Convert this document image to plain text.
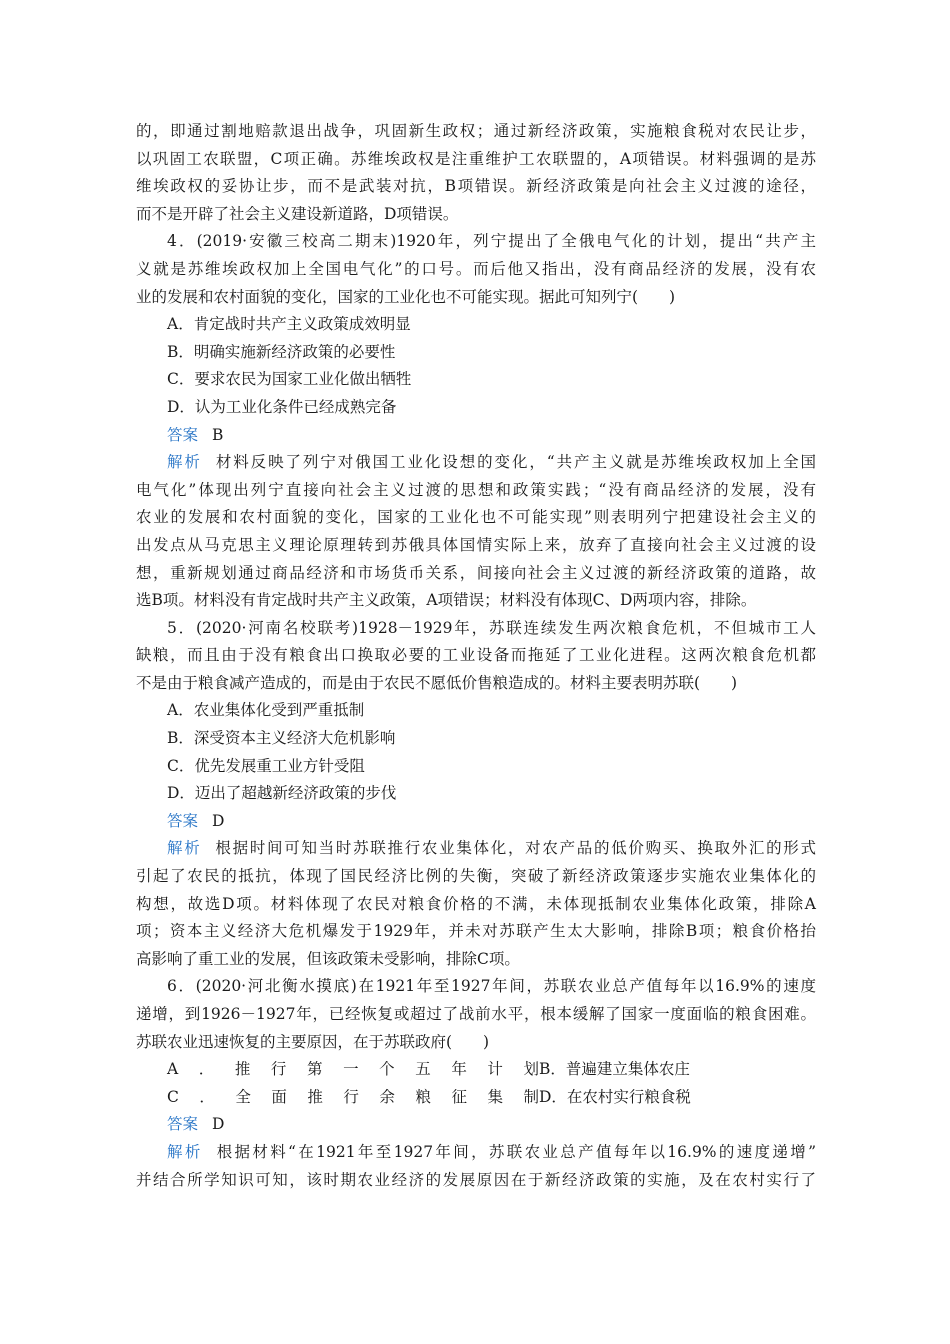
的，即通过割地赔款退出战争，巩固新生政权；通过新经济政策，实施粮食税对农民让步，
以巩固工农联盟，C项正确。苏维埃政权是注重维护工农联盟的，A项错误。材料强调的是苏
维埃政权的妥协让步，而不是武装对抗，B项错误。新经济政策是向社会主义过渡的途径，
而不是开辟了社会主义建设新道路，D项错误。
4．(2019·安徽三校高二期末)1920年，列宁提出了全俄电气化的计划，提出“共产主
义就是苏维埃政权加上全国电气化”的口号。而后他又指出，没有商品经济的发展，没有农
业的发展和农村面貌的变化，国家的工业化也不可能实现。据此可知列宁(　　)
A．肯定战时共产主义政策成效明显
B．明确实施新经济政策的必要性
C．要求农民为国家工业化做出牺牲
D．认为工业化条件已经成熟完备
答案 B
解析 材料反映了列宁对俄国工业化设想的变化，“共产主义就是苏维埃政权加上全国
电气化”体现出列宁直接向社会主义过渡的思想和政策实践；“没有商品经济的发展，没有
农业的发展和农村面貌的变化，国家的工业化也不可能实现”则表明列宁把建设社会主义的
出发点从马克思主义理论原理转到苏俄具体国情实际上来，放弃了直接向社会主义过渡的设
想，重新规划通过商品经济和市场货币关系，间接向社会主义过渡的新经济政策的道路，故
选B项。材料没有肯定战时共产主义政策，A项错误；材料没有体现C、D两项内容，排除。
5．(2020·河南名校联考)1928－1929年，苏联连续发生两次粮食危机，不但城市工人
缺粮，而且由于没有粮食出口换取必要的工业设备而拖延了工业化进程。这两次粮食危机都
不是由于粮食减产造成的，而是由于农民不愿低价售粮造成的。材料主要表明苏联(　　)
A．农业集体化受到严重抵制
B．深受资本主义经济大危机影响
C．优先发展重工业方针受阻
D．迈出了超越新经济政策的步伐
答案 D
解析 根据时间可知当时苏联推行农业集体化，对农产品的低价购买、换取外汇的形式
引起了农民的抵抗，体现了国民经济比例的失衡，突破了新经济政策逐步实施农业集体化的
构想，故选D项。材料体现了农民对粮食价格的不满，未体现抵制农业集体化政策，排除A
项；资本主义经济大危机爆发于1929年，并未对苏联产生太大影响，排除B项；粮食价格抬
高影响了重工业的发展，但该政策未受影响，排除C项。
6．(2020·河北衡水摸底)在1921年至1927年间，苏联农业总产值每年以16.9%的速度
递增，到1926－1927年，已经恢复或超过了战前水平，根本缓解了国家一度面临的粮食困难。
苏联农业迅速恢复的主要原因，在于苏联政府(　　)
A．推行第一个五年计划 B．普遍建立集体农庄
C．全面推行余粮征集制 D．在农村实行粮食税
答案 D
解析 根据材料“在1921年至1927年间，苏联农业总产值每年以16.9%的速度递增”
并结合所学知识可知，该时期农业经济的发展原因在于新经济政策的实施，及在农村实行了
